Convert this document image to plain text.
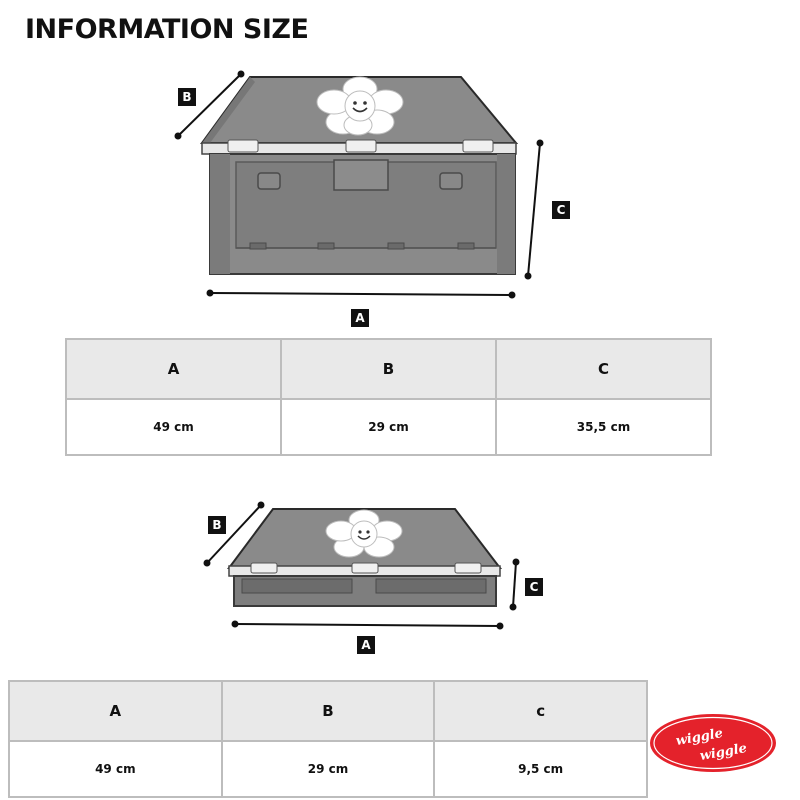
INFORMATION SIZE
B
C
A
A	B	C
49 cm	29 cm	35,5 cm
B
C
A
A	B	c
49 cm	29 cm	9,5 cm
wiggle
wiggle
